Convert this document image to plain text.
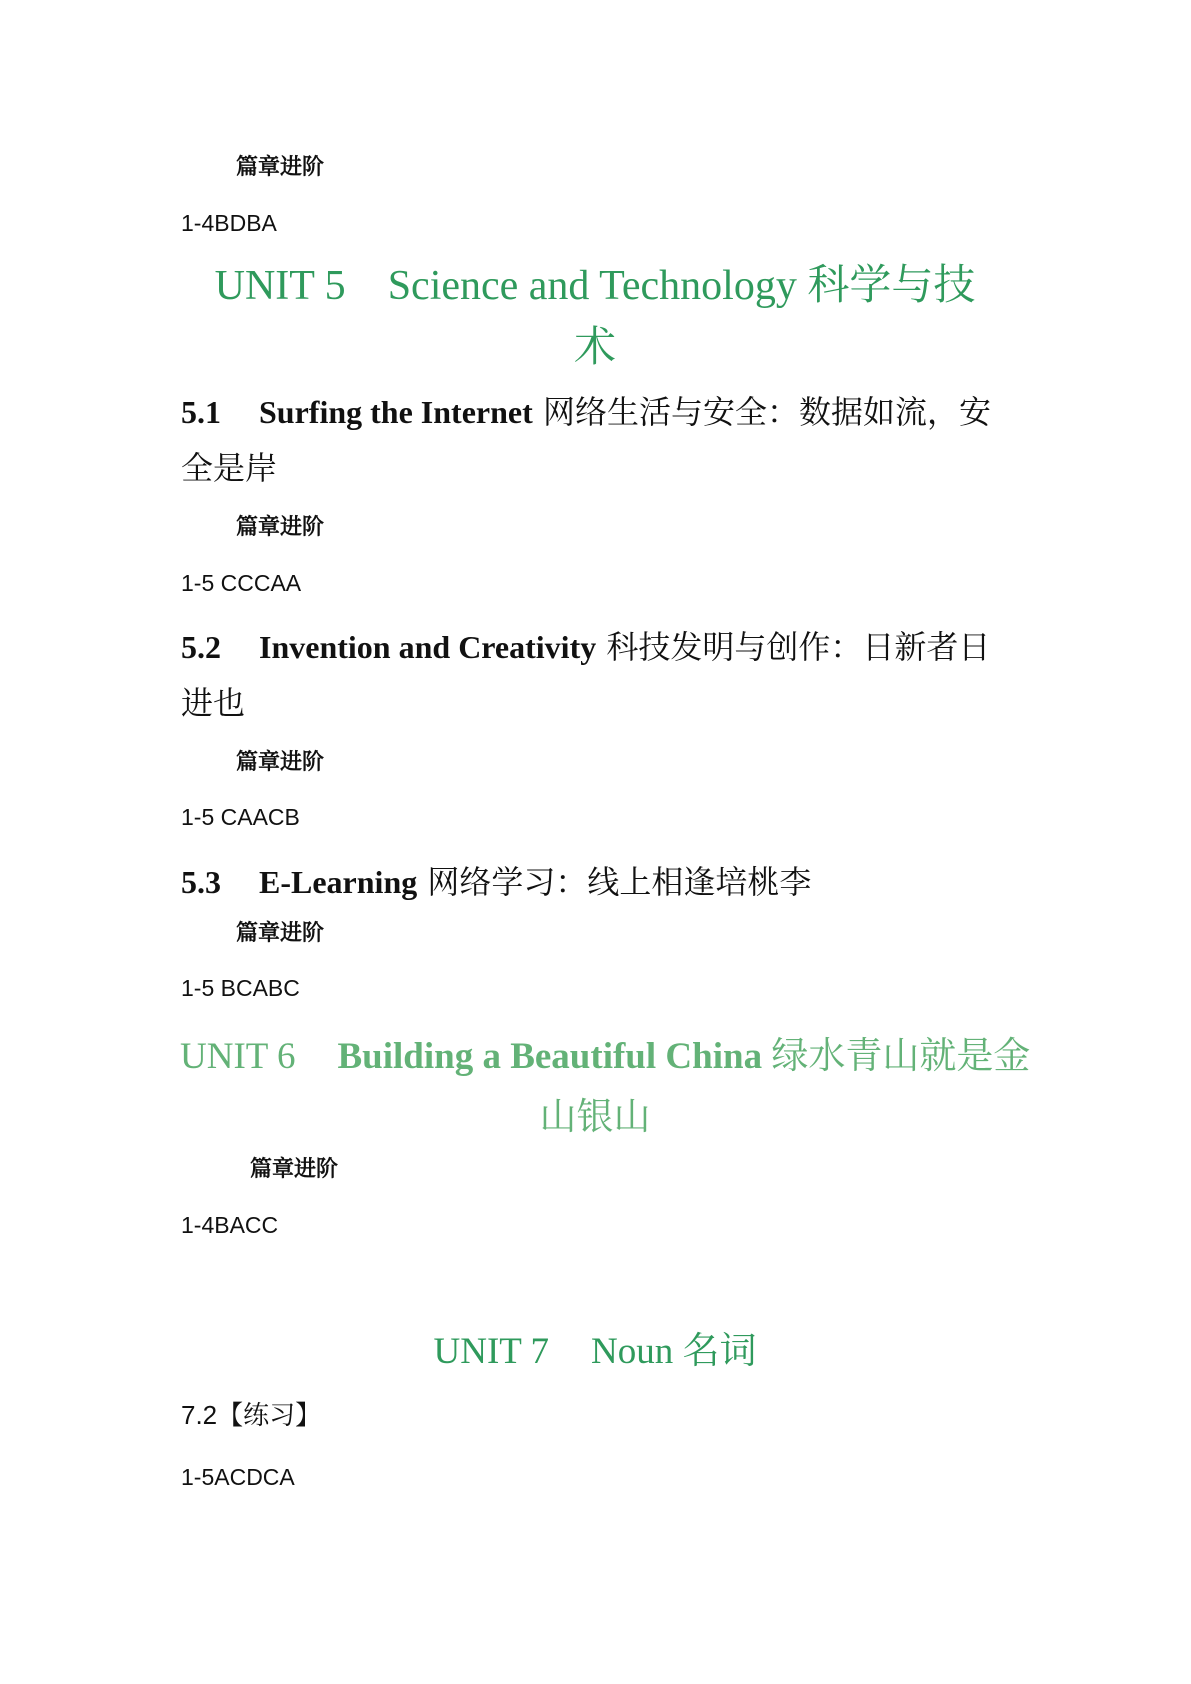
篇章进阶
1-4BDBA
UNIT 5 Science and Technology 科学与技
术
5.1 Surfing the Internet 网络生活与安全：数据如流，安全是岸
篇章进阶
1-5 CCCAA
5.2 Invention and Creativity 科技发明与创作：日新者日进也
篇章进阶
1-5 CAACB
5.3 E-Learning 网络学习：线上相逢培桃李
篇章进阶
1-5 BCABC
UNIT 6 Building a Beautiful China 绿水青山就是金
山银山
篇章进阶
1-4BACC
UNIT 7 Noun 名词
7.2【练习】
1-5ACDCA
